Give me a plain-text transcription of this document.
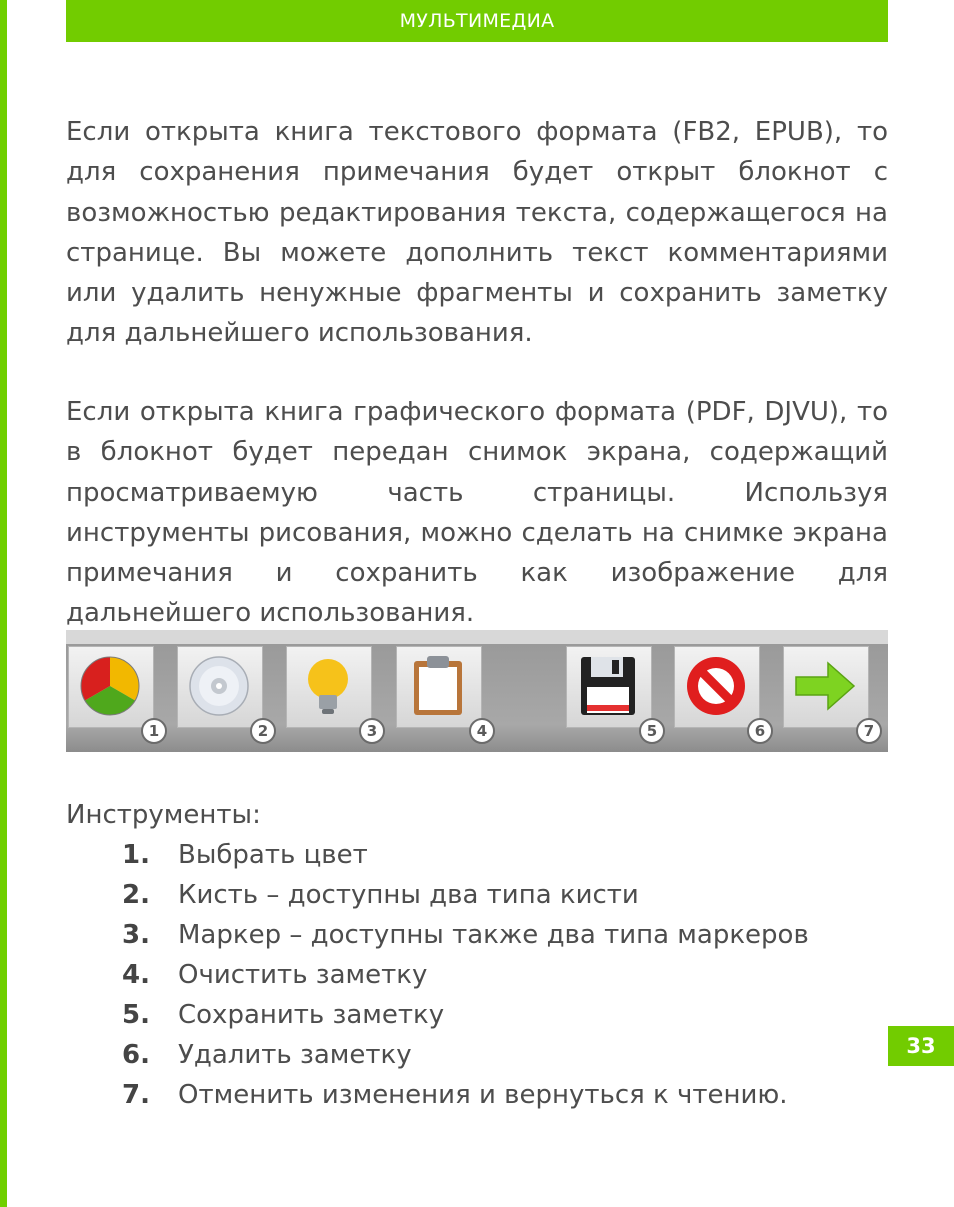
МУЛЬТИМЕДИА

Если открыта книга текстового формата (FB2, EPUB), то для сохранения примечания будет открыт блокнот с возможностью редактирования текста, содержащегося на странице. Вы можете дополнить текст комментариями или удалить ненужные фрагменты и сохранить заметку для дальнейшего использования.

Если открыта книга графического формата (PDF, DJVU), то в блокнот будет передан снимок экрана, содержащий просматриваемую часть страницы. Используя инструменты рисования, можно сделать на снимке экрана примечания и сохранить как изображение для дальнейшего использования.

1	2	3	4	5	6	7

Инструменты:

1. Выбрать цвет
2. Кисть – доступны два типа кисти
3. Маркер – доступны также два типа маркеров
4. Очистить заметку
5. Сохранить заметку
6. Удалить заметку
7. Отменить изменения и вернуться к чтению.
33
